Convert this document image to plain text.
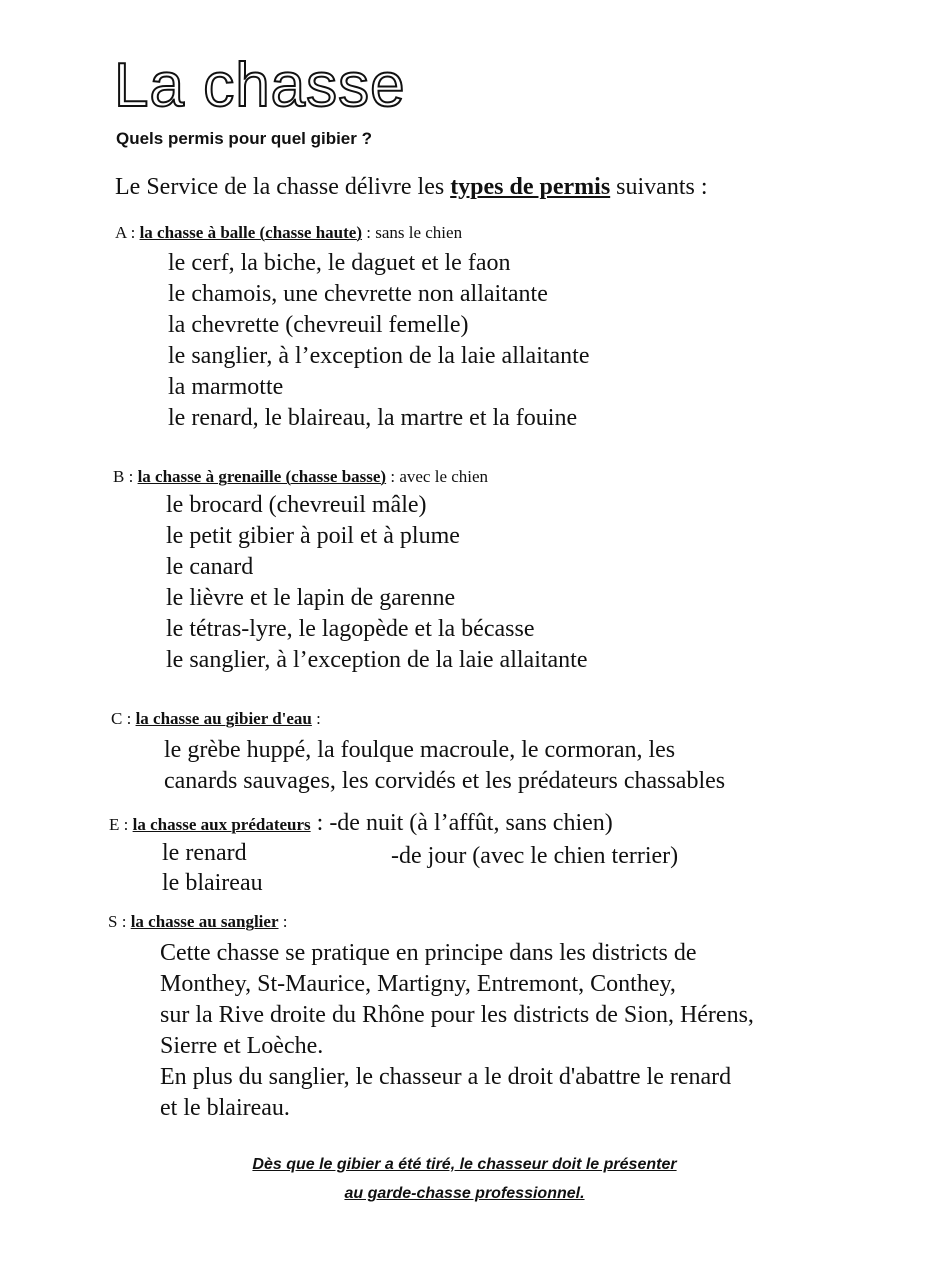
La chasse
Quels permis pour quel gibier ?
Le Service de la chasse délivre les types de permis suivants :
A : la chasse à balle (chasse haute) : sans le chien
le cerf, la biche, le daguet et le faon
le chamois, une chevrette non allaitante
la chevrette (chevreuil femelle)
le sanglier, à l’exception de la laie allaitante
la marmotte
le renard, le blaireau, la martre et la fouine
B : la chasse à grenaille (chasse basse) : avec le chien
le brocard (chevreuil mâle)
le petit gibier à poil et à plume
le canard
le lièvre et le lapin de garenne
le tétras-lyre, le lagopède et la bécasse
le sanglier, à l’exception de la laie allaitante
C : la chasse au gibier d'eau :
le grèbe huppé, la foulque macroule, le cormoran, les
canards sauvages, les corvidés et les prédateurs chassables
E : la chasse aux prédateurs : -de nuit (à l’affût, sans chien)
le renard	-de jour (avec le chien terrier)
le blaireau
S : la chasse au sanglier :
Cette chasse se pratique en principe dans les districts de
Monthey, St-Maurice, Martigny, Entremont, Conthey,
sur la Rive droite du Rhône pour les districts de Sion, Hérens,
Sierre et Loèche.
En plus du sanglier, le chasseur a le droit d'abattre le renard
et le blaireau.
Dès que le gibier a été tiré, le chasseur doit le présenter
au garde-chasse professionnel.
